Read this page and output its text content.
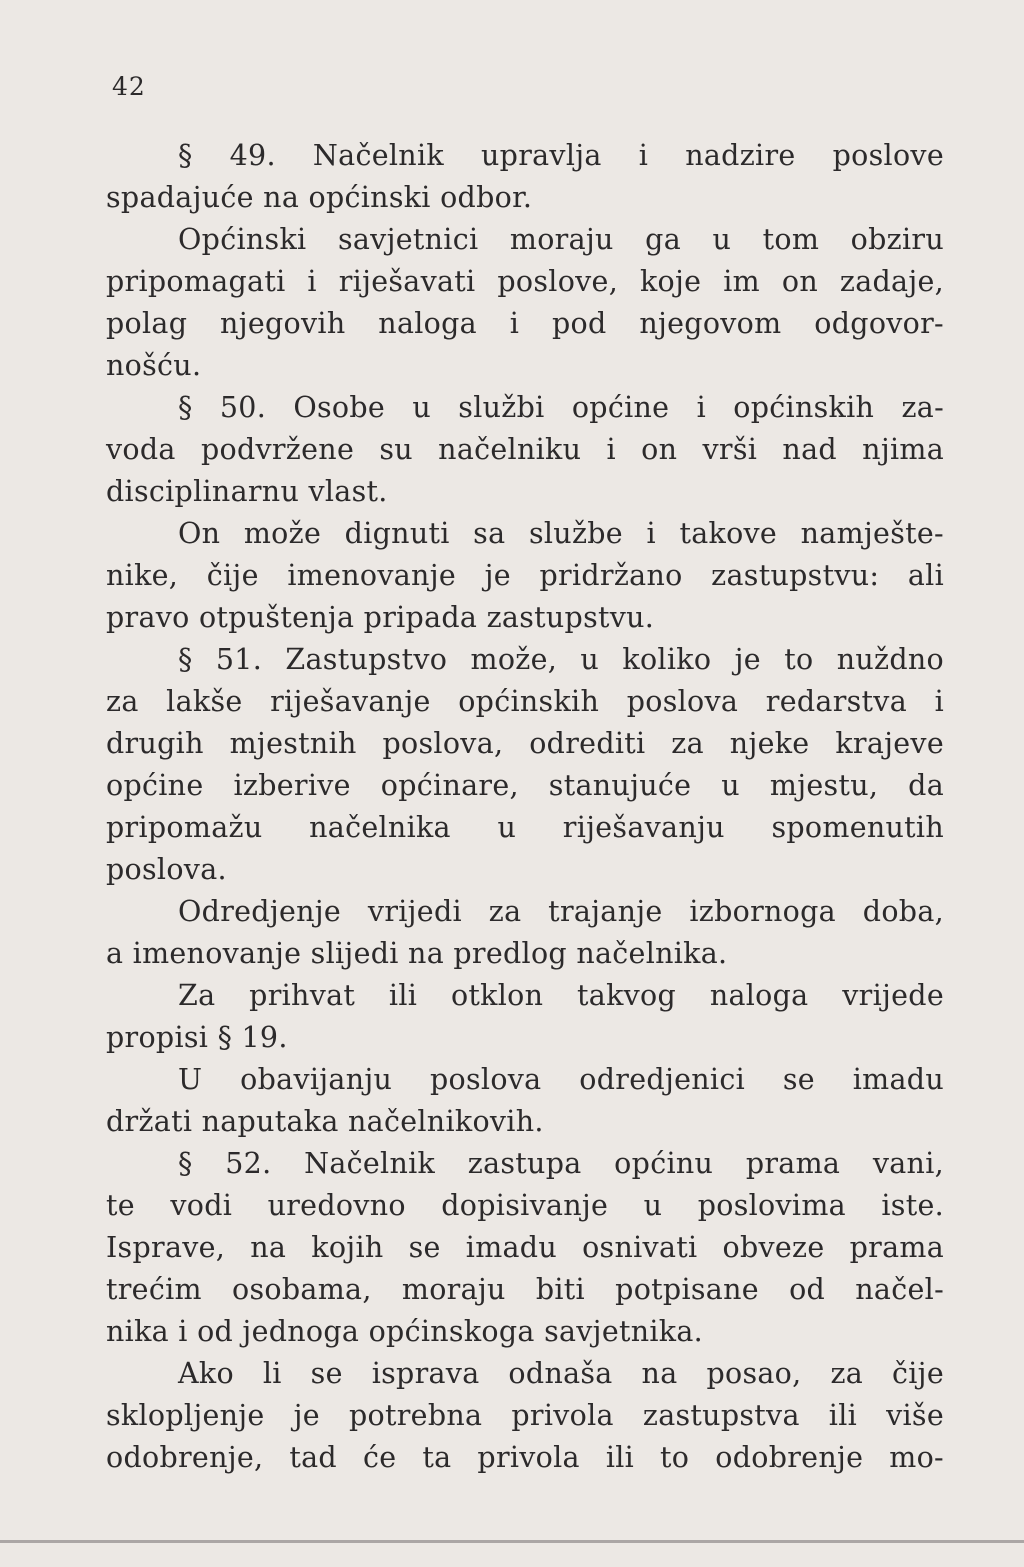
42
§ 49. Načelnik upravlja i nadzire poslove
spadajuće na općinski odbor.
Općinski savjetnici moraju ga u tom obziru
pripomagati i riješavati poslove, koje im on zadaje,
polag njegovih naloga i pod njegovom odgovor-
nošću.
§ 50. Osobe u službi općine i općinskih za-
voda podvržene su načelniku i on vrši nad njima
disciplinarnu vlast.
On može dignuti sa službe i takove namješte-
nike, čije imenovanje je pridržano zastupstvu: ali
pravo otpuštenja pripada zastupstvu.
§ 51. Zastupstvo može, u koliko je to nuždno
za lakše riješavanje općinskih poslova redarstva i
drugih mjestnih poslova, odrediti za njeke krajeve
općine izberive općinare, stanujuće u mjestu, da
pripomažu načelnika u riješavanju spomenutih
poslova.
Odredjenje vrijedi za trajanje izbornoga doba,
a imenovanje slijedi na predlog načelnika.
Za prihvat ili otklon takvog naloga vrijede
propisi § 19.
U obavijanju poslova odredjenici se imadu
držati naputaka načelnikovih.
§ 52. Načelnik zastupa općinu prama vani,
te vodi uredovno dopisivanje u poslovima iste.
Isprave, na kojih se imadu osnivati obveze prama
trećim osobama, moraju biti potpisane od načel-
nika i od jednoga općinskoga savjetnika.
Ako li se isprava odnaša na posao, za čije
sklopljenje je potrebna privola zastupstva ili više
odobrenje, tad će ta privola ili to odobrenje mo-
